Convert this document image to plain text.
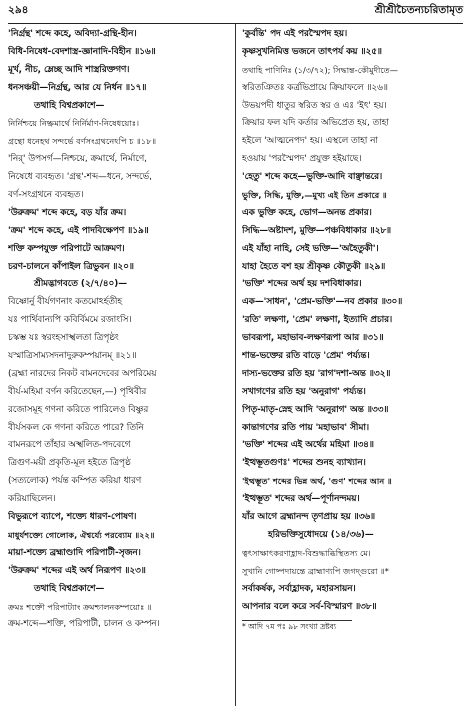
২৯৪	শ্রীশ্রীচৈতন্যচরিতামৃত
'নির্গ্রন্থ' শব্দে কহে, অবিদ্যা-গ্রন্থি-হীন।
বিধি-নিষেধ-বেদশাস্ত্র-জ্ঞানাদি-বিহীন ॥১৬॥
মূর্খ, নীচ, ম্লেচ্ছ আদি শাস্ত্ররিক্তগণ।
ধনসঞ্চয়ী—নির্গ্রন্থ, আর যে নির্ধন ॥১৭॥
তথাহি বিশ্বপ্রকাশে—
নির্নিশ্চয়ে নিষ্ক্রমার্থে নির্নির্মাণ-নিষেধয়োঃ।
গ্রন্থো ধনেহথ সন্দর্ভে বর্ণসংগ্রথনেঽপি চ ॥১৮॥
'নির্' উপসর্গ—নিশ্চয়ে, ক্রমার্থে, নির্মাণে,
নিষেধে ব্যবহৃত। 'গ্রন্থ'-শব্দ—ধনে, সন্দর্ভে,
বর্ণ-সংগ্রথনে ব্যবহৃত।
'উরুক্রম' শব্দে কহে, বড় যাঁর ক্রম।
'ক্রম' শব্দে কহে, এই পাদবিক্ষেপণ ॥১৯॥
শক্তি কম্পযুক্ত পরিপাটে আক্রমণ।
চরণ-চালনে কাঁপাইল ত্রিভুবন ॥২০॥
শ্রীমদ্ভাগবতে (২/৭/৪০)—
বিষ্ণোর্নু বীর্যগণনাং কতমোঽর্হতীহ
যঃ পার্থিবান্যপি কবির্বিমমে রজাংসি।
চস্কম্ভ যঃ স্বরংহসাস্খলতা ত্রিপৃষ্ঠং
যস্মাত্রিসাম্যসদনাদুরুকম্পয়ানম্ ॥২১॥
(ব্রহ্মা নারদের নিকট বামনদেবের অপরিমেয়
বীর্য-মহিমা বর্ণন করিতেছেন,—) পৃথিবীর
রজোসমূহ গণনা করিতে পারিলেও বিষ্ণুর
বীর্যসকল কে গণনা করিতে পারে? তিনি
বামনরূপে তাঁহার অস্খলিত-পদবেগে
ত্রিগুণ-ময়ী প্রকৃতি-মূল হইতে ত্রিপৃষ্ঠ
(সত্যলোক) পর্যন্ত কম্পিত করিয়া ধারণ
করিয়াছিলেন।
বিভুরূপে ব্যাপে, শক্ত্যে ধারণ-পোষণ।
মাধুর্যশক্ত্যে গোলোক, ঐশ্বর্য্যে পরব্যোম ॥২২॥
মায়া-শক্ত্যে ব্রহ্মাণ্ডাদি পরিপাটী-সৃজন।
'উরুক্রম' শব্দের এই অর্থ নিরূপণ ॥২৩॥
তথাহি বিশ্বপ্রকাশে—
ক্রমঃ শক্তৌ পরিপাট্যাং ক্রমশ্চালনকম্পয়োঃ ॥
ক্রম-শব্দে—শক্তি, পরিপাটী, চালন ও কম্পন।
'কুর্বন্তি' পদ এই পরস্মৈপদ হয়।
কৃষ্ণসুখনিমিত্ত ভজনে তাৎপর্য কয় ॥২৫॥
তথাহি পাণিনিঃ (১/৩/৭২); সিদ্ধান্ত-কৌমুদীতে—
স্বরিতঞিতঃ কর্ত্রভিপ্রায়ে ক্রিয়াফলে ॥২৬॥
উভয়পদী ধাতুর স্বরিত স্বর ও এঃ 'ইৎ' হয়।
ক্রিয়ার ফল যদি কর্তার অভিপ্রেত হয়, তাহা
হইলে 'আত্মনেপদ' হয়। এস্থলে তাহা না
হওয়ায় 'পরস্মৈপদ' প্রযুক্ত হইয়াছে।
'হেতু' শব্দে কহে—ভুক্তি-আদি বাঞ্ছান্তরে।
ভুক্তি, সিদ্ধি, মুক্তি,—মুখ্য এই তিন প্রকারে ॥
এক ভুক্তি কহে, ভোগ—অনন্ত প্রকার।
সিদ্ধি—অষ্টাদশ, মুক্তি—পঞ্চবিধাকার ॥২৮॥
এই যাঁহা নাহি, সেই ভক্তি—'অহৈতুকী'।
যাহা হৈতে বশ হয় শ্রীকৃষ্ণ কৌতুকী ॥২৯॥
'ভক্তি' শব্দের অর্থ হয় দশবিধাকার।
এক—'সাধন', 'প্রেম-ভক্তি'—নব প্রকার ॥৩০॥
'রতি' লক্ষণা, 'প্রেম' লক্ষণা, ইত্যাদি প্রচার।
ভাবরূপা, মহাভাব-লক্ষণরূপা আর ॥৩১॥
শান্ত-ভক্তের রতি বাড়ে 'প্রেম' পর্য্যন্ত।
দাস্য-ভক্তের রতি হয় 'রাগ'দশা-অন্ত ॥৩২॥
সখাগণের রতি হয় 'অনুরাগ' পর্য্যন্ত।
পিতৃ-মাতৃ-স্নেহ আদি 'অনুরাগ' অন্ত ॥৩৩॥
কান্তাগণের রতি পায় 'মহাভাব' সীমা।
'ভক্তি' শব্দের এই অর্থের মহিমা ॥৩৪॥
'ইত্থম্ভূতগুণঃ' শব্দের শুনহ ব্যাখ্যান।
'ইত্থম্ভূত' শব্দের ভিন্ন অর্থ, 'গুণ' শব্দের আন ॥
'ইত্থম্ভূত' শব্দের অর্থ—পূর্ণানন্দময়।
যাঁর আগে ব্রহ্মানন্দ তৃণপ্রায় হয় ॥৩৬॥
হরিভক্তিসুধোদয়ে (১৪/৩৬)—
ত্বৎসাক্ষাৎকরণাহ্লাদ-বিশুদ্ধাব্ধিস্থিতস্য মে।
সুখানি গোষ্পদায়ন্তে ব্রাহ্মাণ্যপি জগদ্গুরো ॥*
সর্বাকর্ষক, সর্বাহ্লাদক, মহারসায়ন।
আপনার বলে করে সর্ব-বিস্মারণ ॥৩৮॥
* আদি ৭ম পঃ ৯৮ সংখ্যা দ্রষ্টব্য
